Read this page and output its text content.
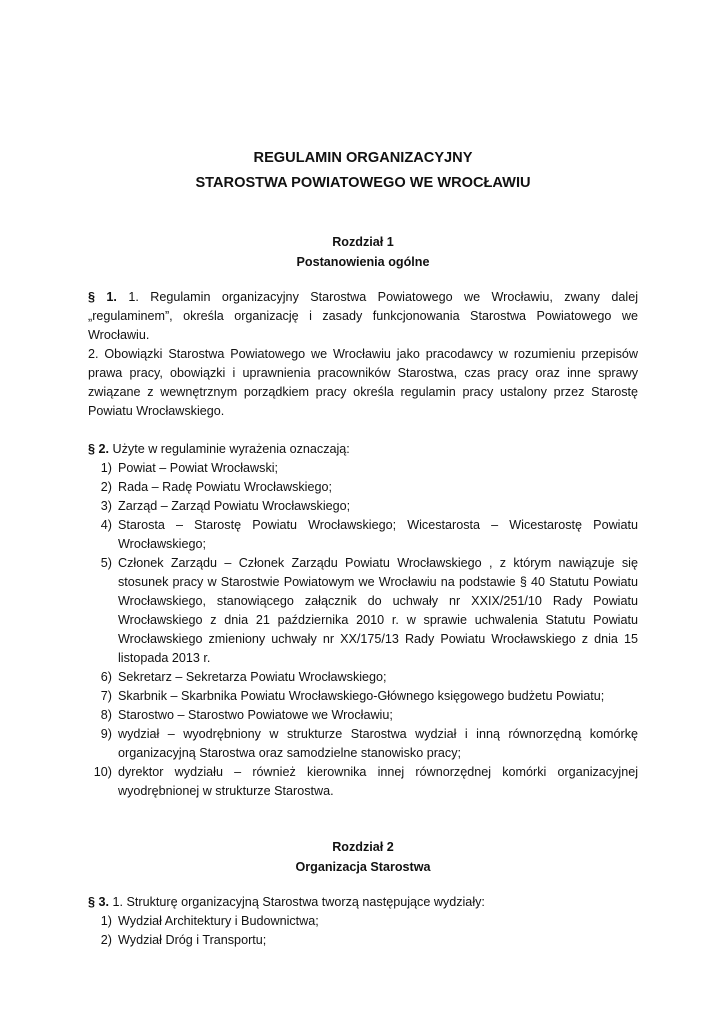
REGULAMIN ORGANIZACYJNY
STAROSTWA POWIATOWEGO WE WROCŁAWIU
Rozdział 1
Postanowienia ogólne

§ 1. 1. Regulamin organizacyjny Starostwa Powiatowego we Wrocławiu, zwany dalej „regulaminem”, określa organizację i zasady funkcjonowania Starostwa Powiatowego we Wrocławiu.

2. Obowiązki Starostwa Powiatowego we Wrocławiu jako pracodawcy w rozumieniu przepisów prawa pracy, obowiązki i uprawnienia pracowników Starostwa, czas pracy oraz inne sprawy związane z wewnętrznym porządkiem pracy określa regulamin pracy ustalony przez Starostę Powiatu Wrocławskiego.

§ 2. Użyte w regulaminie wyrażenia oznaczają:

1) Powiat – Powiat Wrocławski;
2) Rada – Radę Powiatu Wrocławskiego;
3) Zarząd – Zarząd Powiatu Wrocławskiego;
4) Starosta – Starostę Powiatu Wrocławskiego; Wicestarosta – Wicestarostę Powiatu Wrocławskiego;
5) Członek Zarządu – Członek Zarządu Powiatu Wrocławskiego , z którym nawiązuje się stosunek pracy w Starostwie Powiatowym we Wrocławiu na podstawie § 40 Statutu Powiatu Wrocławskiego, stanowiącego załącznik do uchwały nr XXIX/251/10 Rady Powiatu Wrocławskiego z dnia 21 października 2010 r. w sprawie uchwalenia Statutu Powiatu Wrocławskiego zmieniony uchwały nr XX/175/13 Rady Powiatu Wrocławskiego z dnia 15 listopada 2013 r.
6) Sekretarz – Sekretarza Powiatu Wrocławskiego;
7) Skarbnik – Skarbnika Powiatu Wrocławskiego-Głównego księgowego budżetu Powiatu;
8) Starostwo – Starostwo Powiatowe we Wrocławiu;
9) wydział – wyodrębniony w strukturze Starostwa wydział i inną równorzędną komórkę organizacyjną Starostwa oraz samodzielne stanowisko pracy;
10) dyrektor wydziału – również kierownika innej równorzędnej komórki organizacyjnej wyodrębnionej w strukturze Starostwa.
Rozdział 2
Organizacja Starostwa

§ 3. 1. Strukturę organizacyjną Starostwa tworzą następujące wydziały:

1) Wydział Architektury i Budownictwa;
2) Wydział Dróg i Transportu;
